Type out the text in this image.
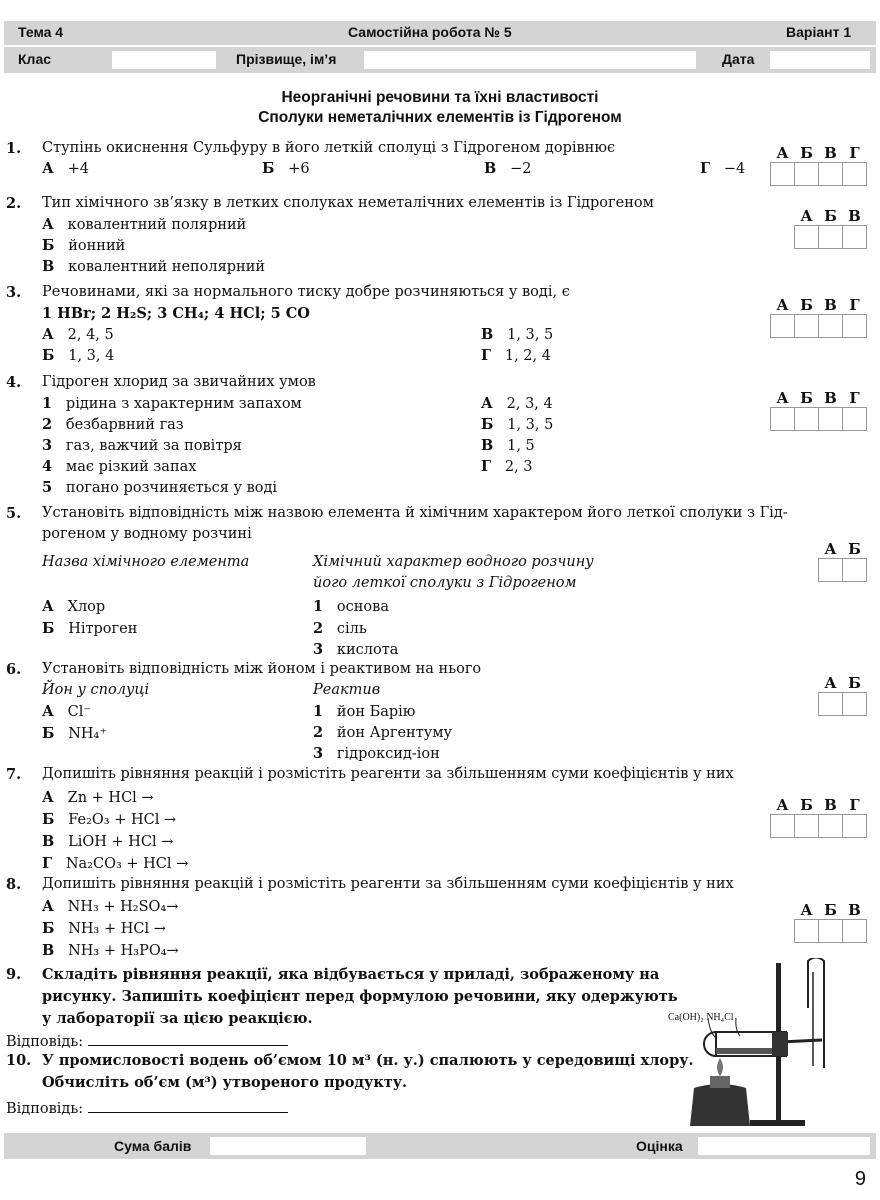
Тема 4	Самостійна робота № 5	Варіант 1
Клас	Прізвище, ім’я	Дата
Неорганічні речовини та їхні властивості
Сполуки неметалічних елементів із Гідрогеном
1. Ступінь окиснення Сульфуру в його леткій сполуці з Гідрогеном дорівнює
А +4	Б +6	В −2	Г −4
А	Б	В	Г

2. Тип хімічного зв’язку в летких сполуках неметалічних елементів із Гідрогеном
А ковалентний полярний
Б йонний
В ковалентний неполярний
А	Б	В

3. Речовинами, які за нормального тиску добре розчиняються у воді, є
1 HBr; 2 H₂S; 3 CH₄; 4 HCl; 5 CO
А 2, 4, 5
Б 1, 3, 4
В 1, 3, 5
Г 1, 2, 4
А	Б	В	Г

4. Гідроген хлорид за звичайних умов
1 рідина з характерним запахом
2 безбарвний газ
3 газ, важчий за повітря
4 має різкий запах
5 погано розчиняється у воді
А 2, 3, 4
Б 1, 3, 5
В 1, 5
Г 2, 3
А	Б	В	Г

5. Установіть відповідність між назвою елемента й хімічним характером його леткої сполуки з Гід-
рогеном у водному розчині
Назва хімічного елемента	Хімічний характер водного розчину
його леткої сполуки з Гідрогеном
А Хлор
Б Нітроген
1 основа
2 сіль
3 кислота
А	Б

6. Установіть відповідність між йоном і реактивом на нього
Йон у сполуці	Реактив
А Cl⁻
Б NH₄⁺
1 йон Барію
2 йон Аргентуму
3 гідроксид-іон
А	Б

7. Допишіть рівняння реакцій і розмістіть реагенти за збільшенням суми коефіцієнтів у них
А Zn + HCl →
Б Fe₂O₃ + HCl →
В LiOH + HCl →
Г Na₂CO₃ + HCl →
А	Б	В	Г

8. Допишіть рівняння реакцій і розмістіть реагенти за збільшенням суми коефіцієнтів у них
А NH₃ + H₂SO₄→
Б NH₃ + HCl →
В NH₃ + H₃PO₄→
А	Б	В

9. Складіть рівняння реакції, яка відбувається у приладі, зображеному на
рисунку. Запишіть коефіцієнт перед формулою речовини, яку одержують
у лабораторії за цією реакцією.
Відповідь:
10. У промисловості водень об’ємом 10 м³ (н. у.) спалюють у середовищі хлору.
Обчисліть об’єм (м³) утвореного продукту.
Відповідь:
Ca(OH)₂ NH₄Cl
Сума балів	Оцінка
9
